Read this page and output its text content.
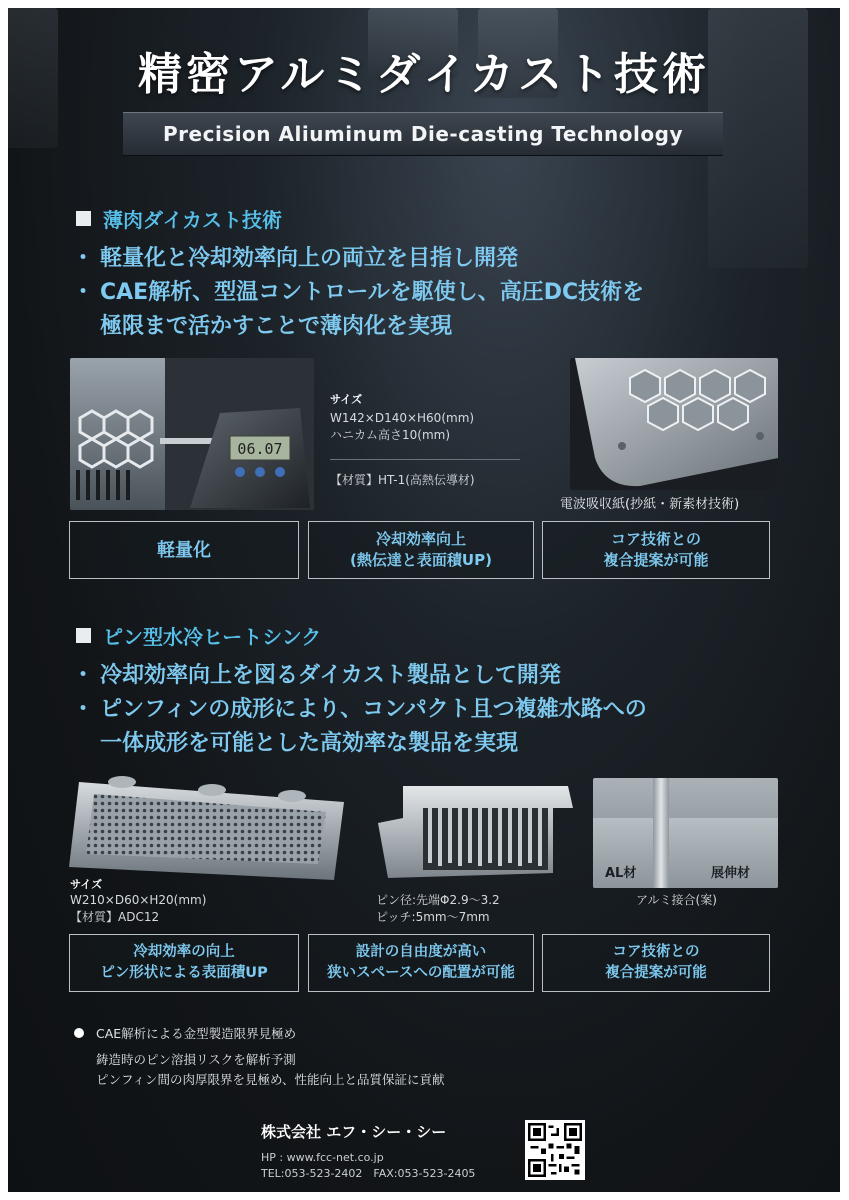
精密アルミダイカスト技術
Precision Aliuminum Die-casting Technology
薄肉ダイカスト技術
・ 軽量化と冷却効率向上の両立を目指し開発
・ CAE解析、型温コントロールを駆使し、高圧DC技術を
極限まで活かすことで薄肉化を実現
06.07
サイズ
W142×D140×H60(mm)
ハニカム高さ10(mm)
【材質】HT-1(高熱伝導材)
電波吸収紙(抄紙・新素材技術)
軽量化
冷却効率向上
(熱伝達と表面積UP)
コア技術との
複合提案が可能
ピン型水冷ヒートシンク
・ 冷却効率向上を図るダイカスト製品として開発
・ ピンフィンの成形により、コンパクト且つ複雑水路への
一体成形を可能とした高効率な製品を実現
サイズ
W210×D60×H20(mm)
【材質】ADC12
ピン径:先端Φ2.9〜3.2
ピッチ:5mm〜7mm
AL材	展伸材
アルミ接合(案)
冷却効率の向上
ピン形状による表面積UP
設計の自由度が高い
狭いスペースへの配置が可能
コア技術との
複合提案が可能
CAE解析による金型製造限界見極め
鋳造時のピン溶損リスクを解析予測
ピンフィン間の肉厚限界を見極め、性能向上と品質保証に貢献
株式会社 エフ・シー・シー
HP : www.fcc-net.co.jp
TEL:053-523-2402　FAX:053-523-2405
